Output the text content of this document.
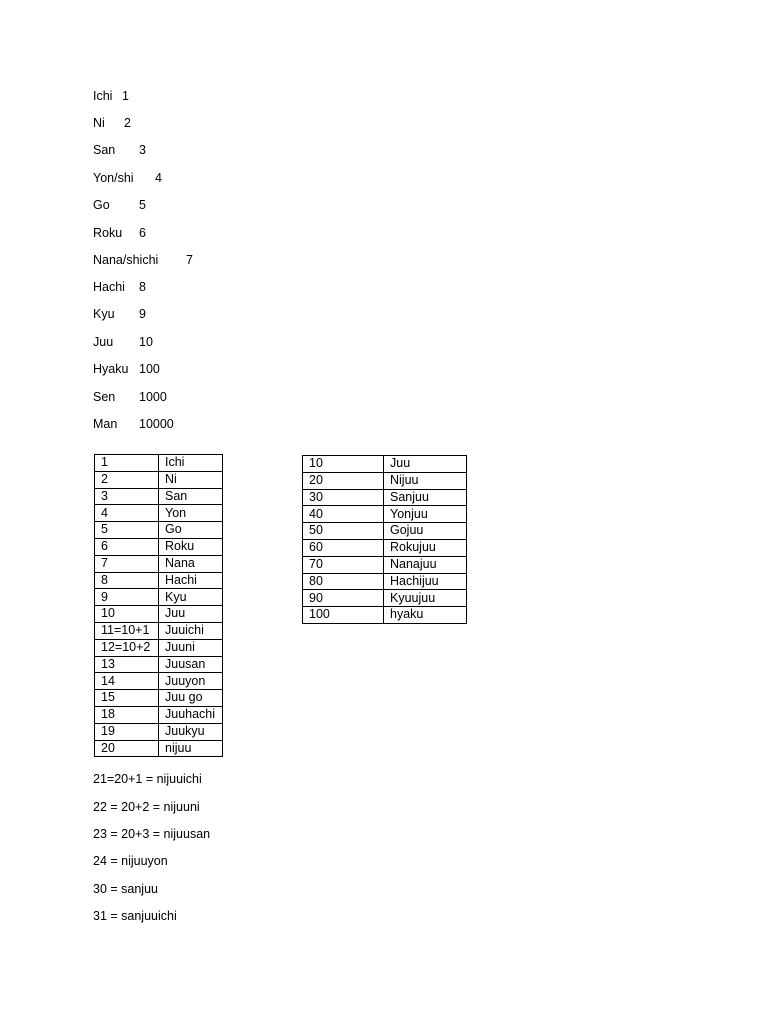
Ichi 1
Ni 2
San 3
Yon/shi 4
Go 5
Roku 6
Nana/shichi 7
Hachi 8
Kyu 9
Juu 10
Hyaku 100
Sen 1000
Man 10000
1	Ichi
2	Ni
3	San
4	Yon
5	Go
6	Roku
7	Nana
8	Hachi
9	Kyu
10	Juu
11=10+1	Juuichi
12=10+2	Juuni
13	Juusan
14	Juuyon
15	Juu go
18	Juuhachi
19	Juukyu
20	nijuu
10	Juu
20	Nijuu
30	Sanjuu
40	Yonjuu
50	Gojuu
60	Rokujuu
70	Nanajuu
80	Hachijuu
90	Kyuujuu
100	hyaku
21=20+1 = nijuuichi
22 = 20+2 = nijuuni
23 = 20+3 = nijuusan
24 = nijuuyon
30 = sanjuu
31 = sanjuuichi
